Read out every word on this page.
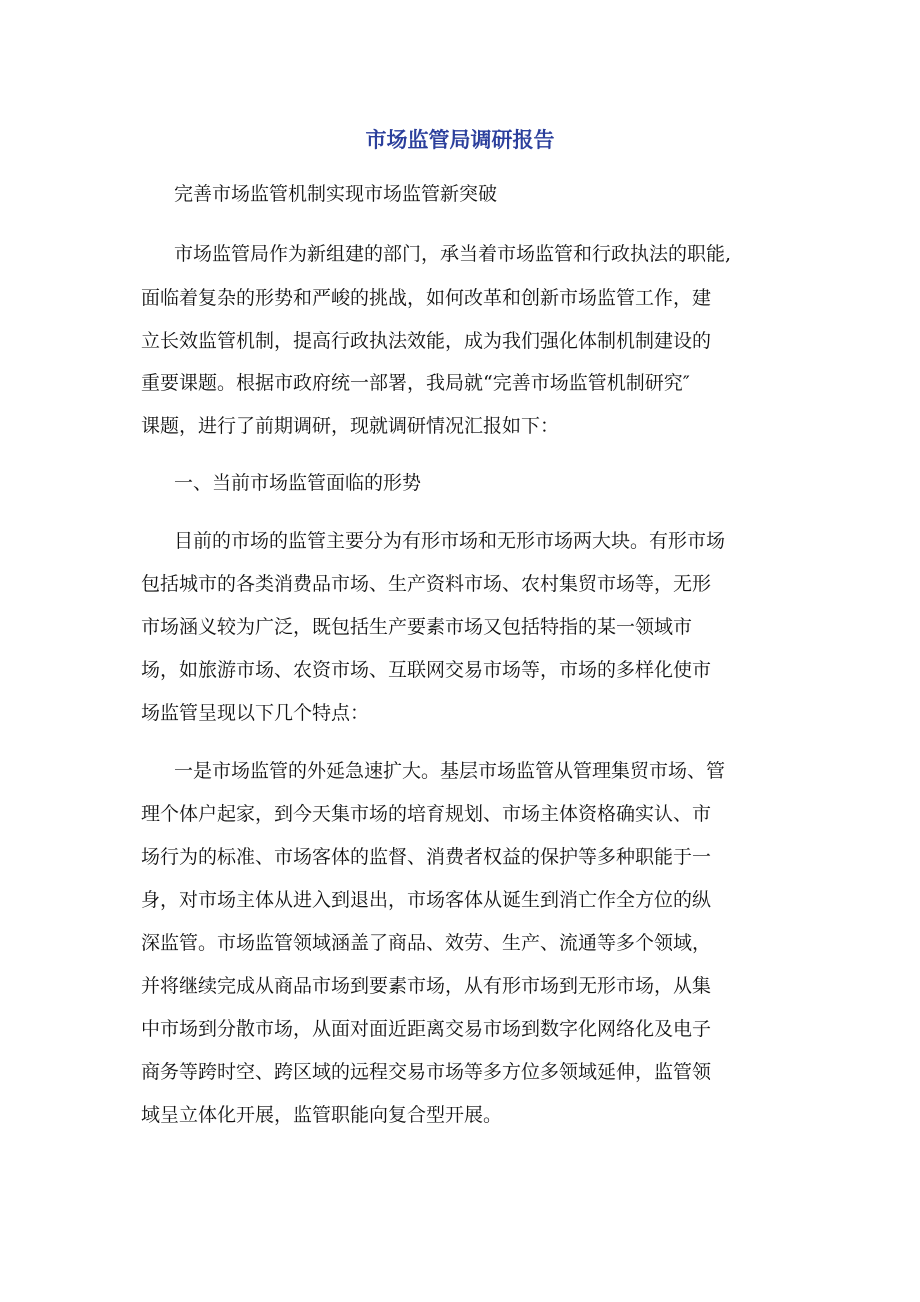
市场监管局调研报告

完善市场监管机制实现市场监管新突破

市场监管局作为新组建的部门，承当着市场监管和行政执法的职能,

面临着复杂的形势和严峻的挑战，如何改革和创新市场监管工作，建

立长效监管机制，提高行政执法效能，成为我们强化体制机制建设的

重要课题。根据市政府统一部署，我局就“完善市场监管机制研究″

课题，进行了前期调研，现就调研情况汇报如下：

一、当前市场监管面临的形势

目前的市场的监管主要分为有形市场和无形市场两大块。有形市场

包括城市的各类消费品市场、生产资料市场、农村集贸市场等，无形

市场涵义较为广泛，既包括生产要素市场又包括特指的某一领域市

场，如旅游市场、农资市场、互联网交易市场等，市场的多样化使市

场监管呈现以下几个特点：

一是市场监管的外延急速扩大。基层市场监管从管理集贸市场、管

理个体户起家，到今天集市场的培育规划、市场主体资格确实认、市

场行为的标准、市场客体的监督、消费者权益的保护等多种职能于一

身，对市场主体从进入到退出，市场客体从诞生到消亡作全方位的纵

深监管。市场监管领域涵盖了商品、效劳、生产、流通等多个领域，

并将继续完成从商品市场到要素市场，从有形市场到无形市场，从集

中市场到分散市场，从面对面近距离交易市场到数字化网络化及电子

商务等跨时空、跨区域的远程交易市场等多方位多领域延伸，监管领

域呈立体化开展，监管职能向复合型开展。
